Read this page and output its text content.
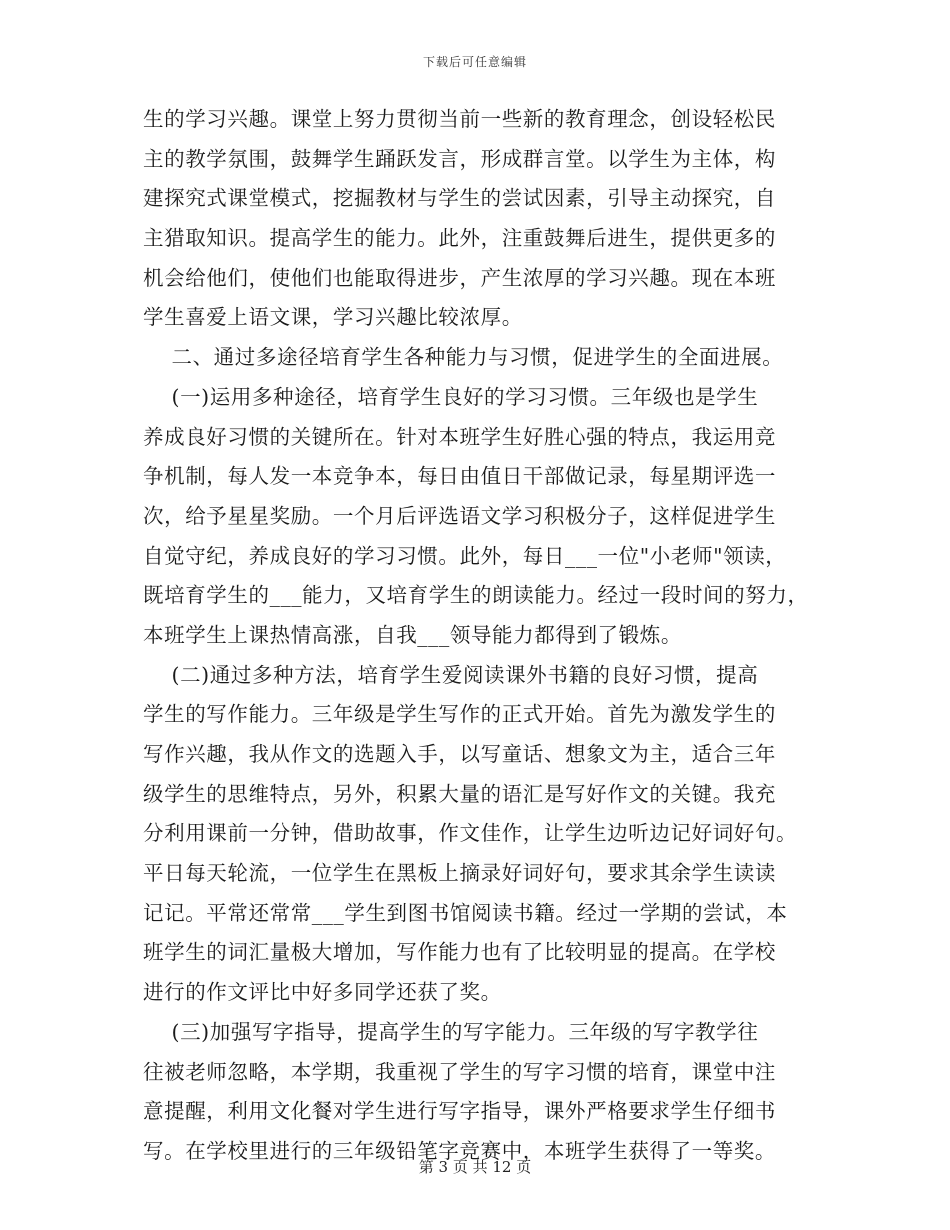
下载后可任意编辑
生的学习兴趣。课堂上努力贯彻当前一些新的教育理念，创设轻松民
主的教学氛围，鼓舞学生踊跃发言，形成群言堂。以学生为主体，构
建探究式课堂模式，挖掘教材与学生的尝试因素，引导主动探究，自
主猎取知识。提高学生的能力。此外，注重鼓舞后进生，提供更多的
机会给他们，使他们也能取得进步，产生浓厚的学习兴趣。现在本班
学生喜爱上语文课，学习兴趣比较浓厚。
二、通过多途径培育学生各种能力与习惯，促进学生的全面进展。
(一)运用多种途径，培育学生良好的学习习惯。三年级也是学生
养成良好习惯的关键所在。针对本班学生好胜心强的特点，我运用竞
争机制，每人发一本竞争本，每日由值日干部做记录，每星期评选一
次，给予星星奖励。一个月后评选语文学习积极分子，这样促进学生
自觉守纪，养成良好的学习习惯。此外，每日___一位"小老师"领读，
既培育学生的___能力，又培育学生的朗读能力。经过一段时间的努力，
本班学生上课热情高涨，自我___领导能力都得到了锻炼。
(二)通过多种方法，培育学生爱阅读课外书籍的良好习惯，提高
学生的写作能力。三年级是学生写作的正式开始。首先为激发学生的
写作兴趣，我从作文的选题入手，以写童话、想象文为主，适合三年
级学生的思维特点，另外，积累大量的语汇是写好作文的关键。我充
分利用课前一分钟，借助故事，作文佳作，让学生边听边记好词好句。
平日每天轮流，一位学生在黑板上摘录好词好句，要求其余学生读读
记记。平常还常常___学生到图书馆阅读书籍。经过一学期的尝试，本
班学生的词汇量极大增加，写作能力也有了比较明显的提高。在学校
进行的作文评比中好多同学还获了奖。
(三)加强写字指导，提高学生的写字能力。三年级的写字教学往
往被老师忽略，本学期，我重视了学生的写字习惯的培育，课堂中注
意提醒，利用文化餐对学生进行写字指导，课外严格要求学生仔细书
写。在学校里进行的三年级铅笔字竞赛中，本班学生获得了一等奖。
第 3 页 共 12 页
